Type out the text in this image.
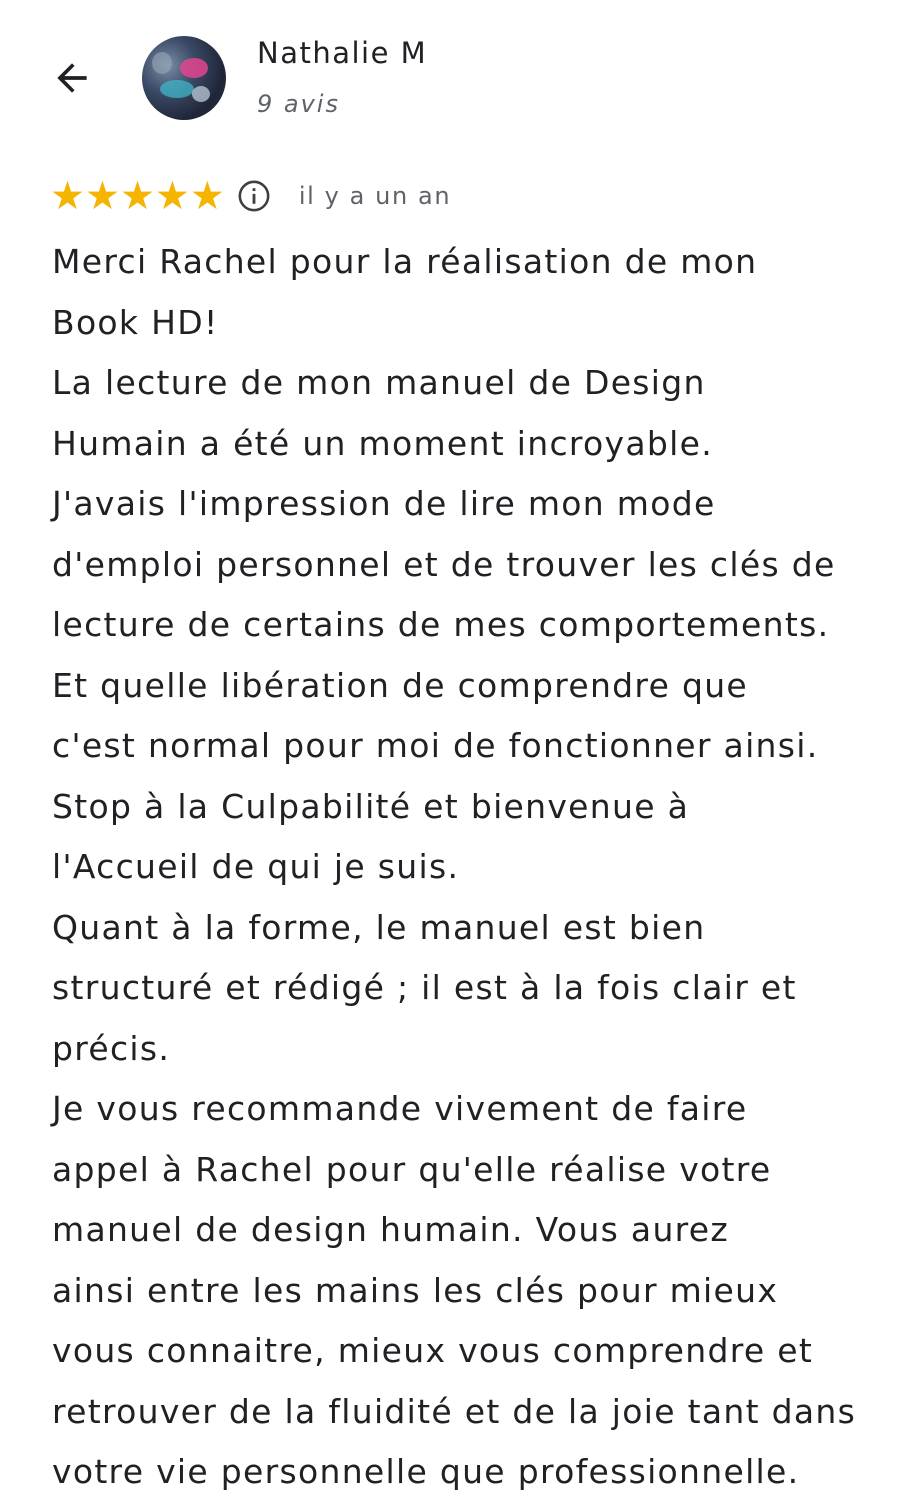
Nathalie M
9 avis
★ ★ ★ ★ ★	il y a un an
Merci Rachel pour la réalisation de mon
Book HD!
La lecture de mon manuel de Design
Humain a été un moment incroyable.
J'avais l'impression de lire mon mode
d'emploi personnel et de trouver les clés de
lecture de certains de mes comportements.
Et quelle libération de comprendre que
c'est normal pour moi de fonctionner ainsi.
Stop à la Culpabilité et bienvenue à
l'Accueil de qui je suis.
Quant à la forme, le manuel est bien
structuré et rédigé ; il est à la fois clair et
précis.
Je vous recommande vivement de faire
appel à Rachel pour qu'elle réalise votre
manuel de design humain. Vous aurez
ainsi entre les mains les clés pour mieux
vous connaitre, mieux vous comprendre et
retrouver de la fluidité et de la joie tant dans
votre vie personnelle que professionnelle.
